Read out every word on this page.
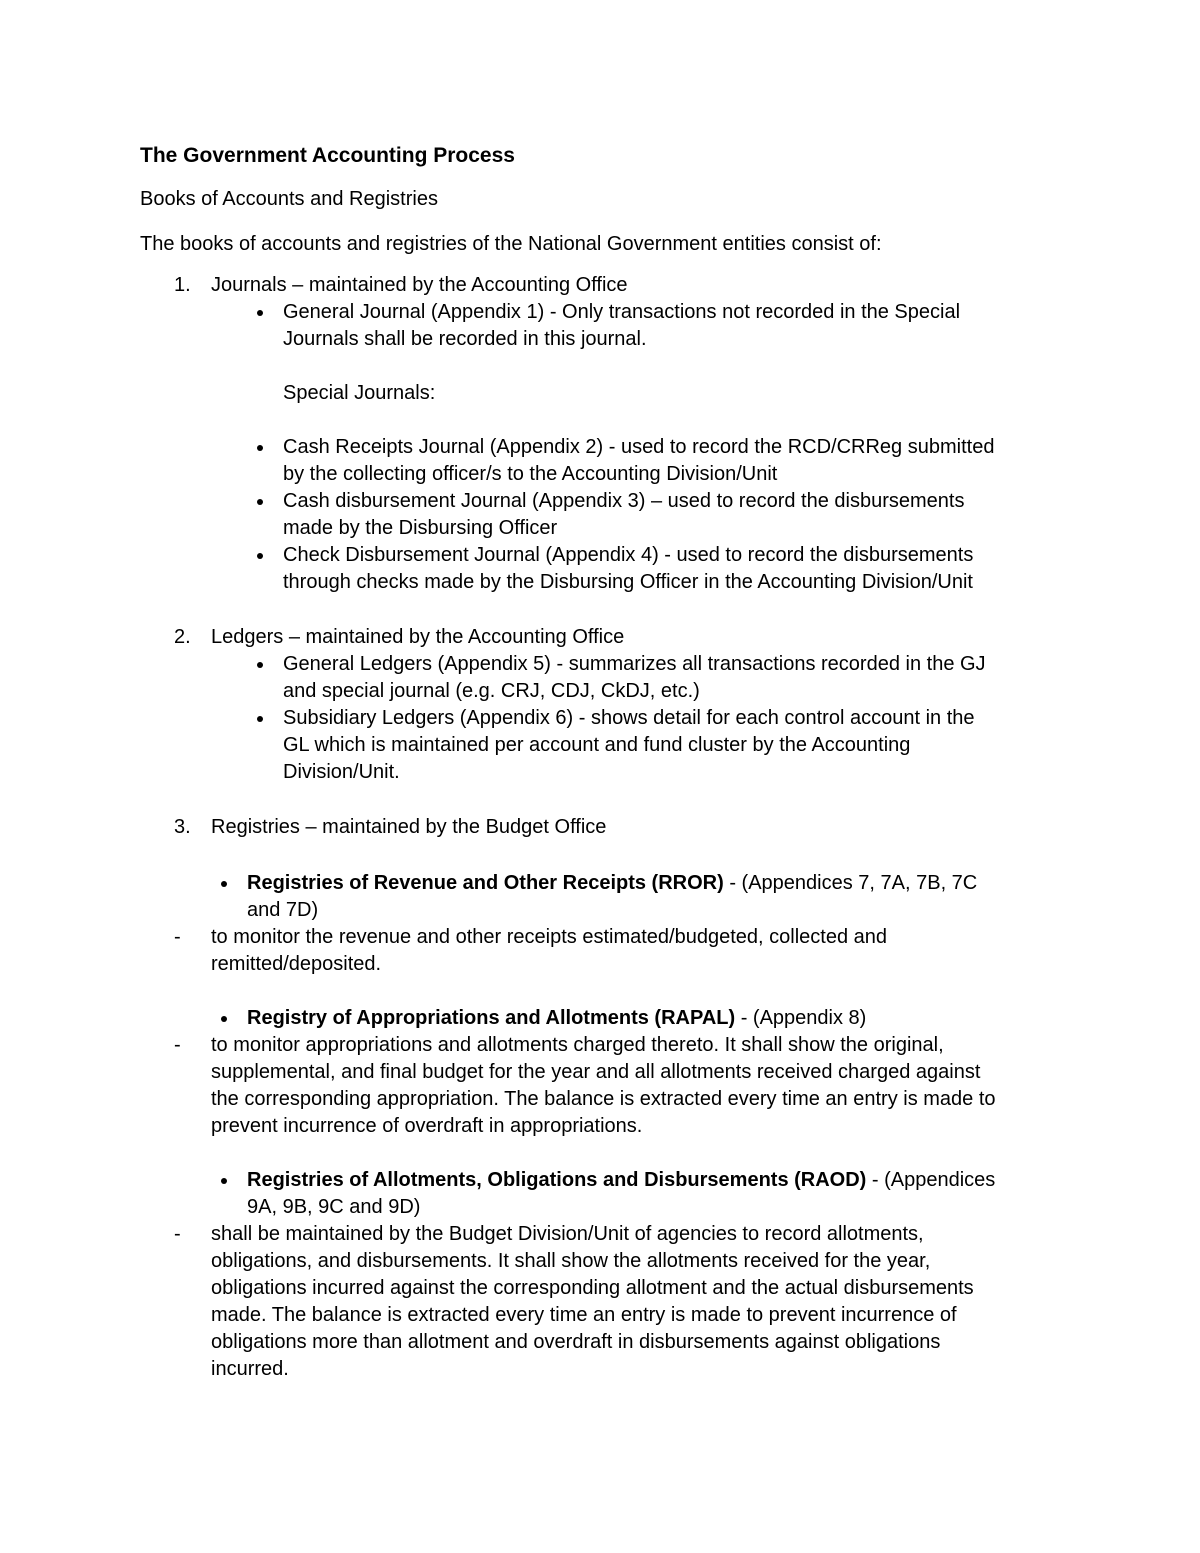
The Government Accounting Process
Books of Accounts and Registries
The books of accounts and registries of the National Government entities consist of:
1. Journals – maintained by the Accounting Office
General Journal (Appendix 1) - Only transactions not recorded in the Special
Journals shall be recorded in this journal.
Special Journals:
Cash Receipts Journal (Appendix 2) - used to record the RCD/CRReg submitted
by the collecting officer/s to the Accounting Division/Unit
Cash disbursement Journal (Appendix 3) – used to record the disbursements
made by the Disbursing Officer
Check Disbursement Journal (Appendix 4) - used to record the disbursements
through checks made by the Disbursing Officer in the Accounting Division/Unit
2. Ledgers – maintained by the Accounting Office
General Ledgers (Appendix 5) - summarizes all transactions recorded in the GJ
and special journal (e.g. CRJ, CDJ, CkDJ, etc.)
Subsidiary Ledgers (Appendix 6) - shows detail for each control account in the
GL which is maintained per account and fund cluster by the Accounting
Division/Unit.
3. Registries – maintained by the Budget Office
Registries of Revenue and Other Receipts (RROR) - (Appendices 7, 7A, 7B, 7C
and 7D)
- to monitor the revenue and other receipts estimated/budgeted, collected and
remitted/deposited.
Registry of Appropriations and Allotments (RAPAL) - (Appendix 8)
- to monitor appropriations and allotments charged thereto. It shall show the original,
supplemental, and final budget for the year and all allotments received charged against
the corresponding appropriation. The balance is extracted every time an entry is made to
prevent incurrence of overdraft in appropriations.
Registries of Allotments, Obligations and Disbursements (RAOD) - (Appendices
9A, 9B, 9C and 9D)
- shall be maintained by the Budget Division/Unit of agencies to record allotments,
obligations, and disbursements. It shall show the allotments received for the year,
obligations incurred against the corresponding allotment and the actual disbursements
made. The balance is extracted every time an entry is made to prevent incurrence of
obligations more than allotment and overdraft in disbursements against obligations
incurred.
